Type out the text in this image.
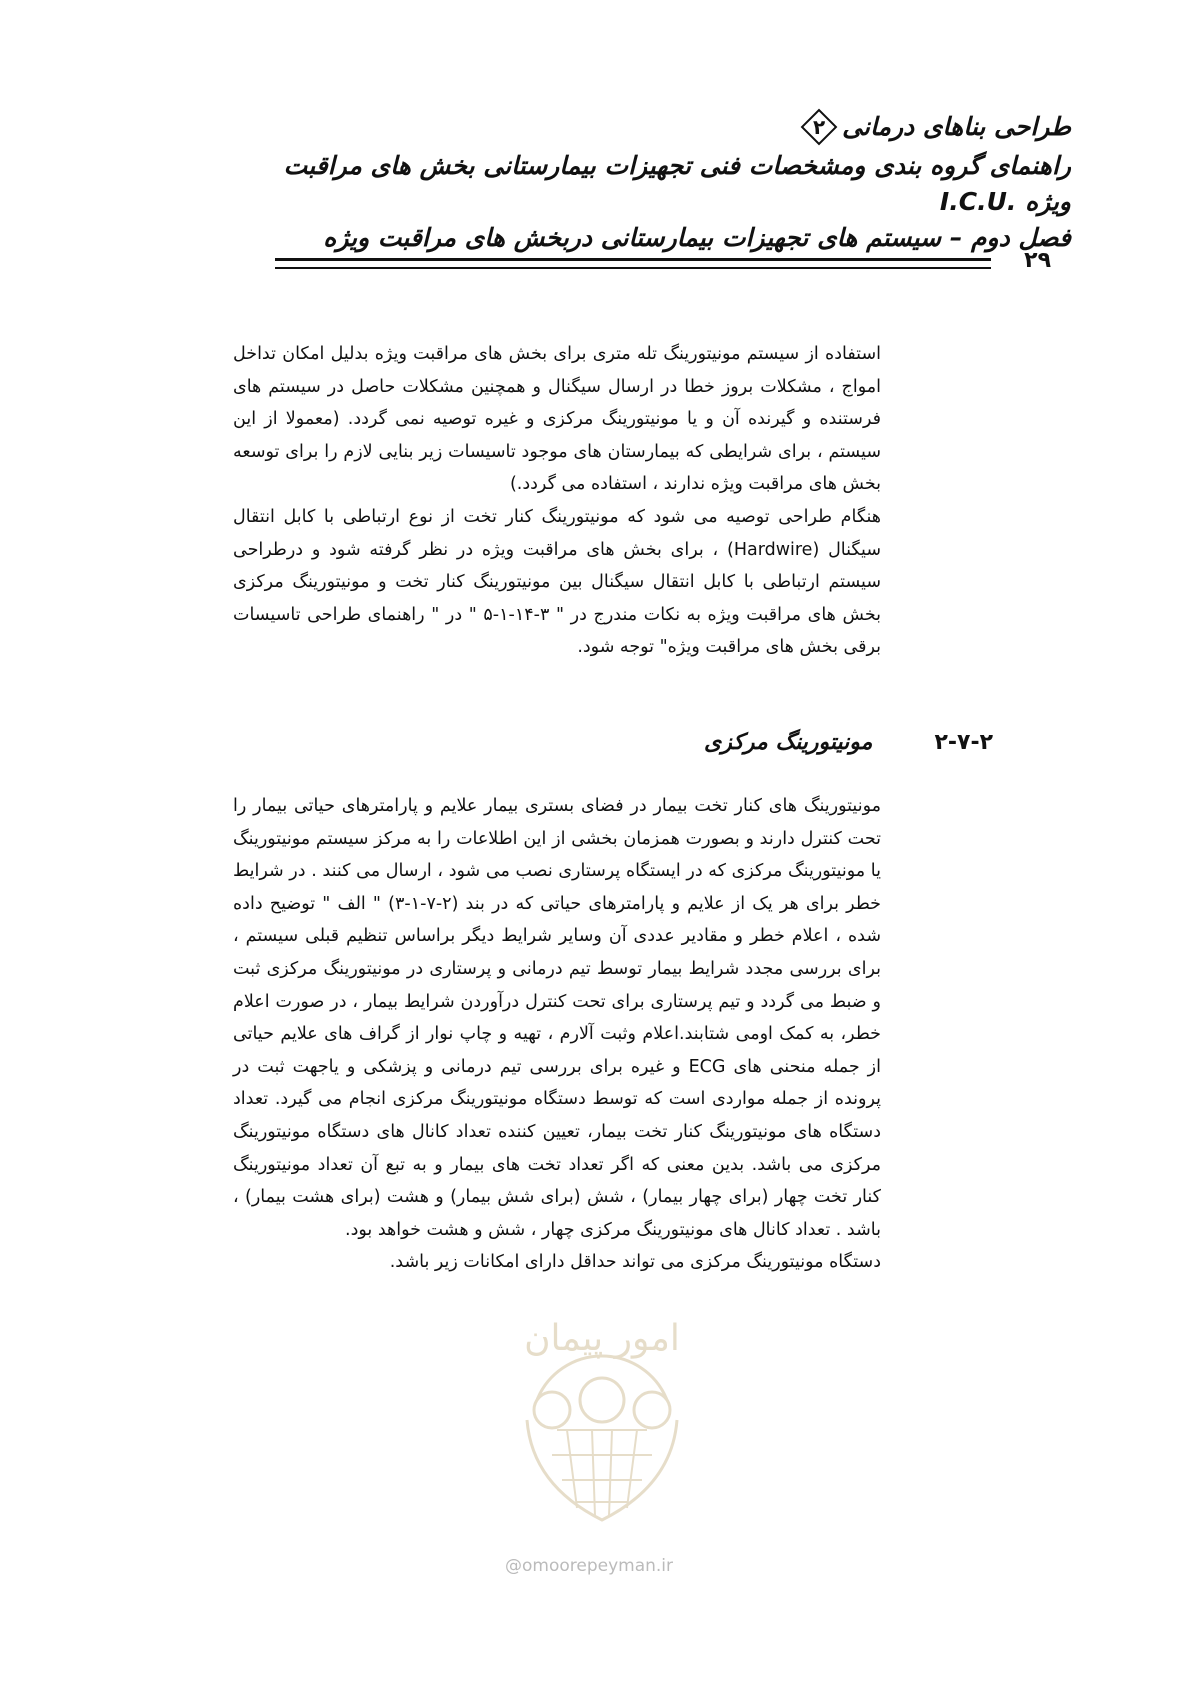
طراحی بناهای درمانی
۲
راهنمای گروه بندی ومشخصات فنی تجهیزات بیمارستانی بخش های مراقبت ویژه .I.C.U
فصل دوم – سیستم های تجهیزات بیمارستانی دربخش های مراقبت ویژه
۲۹

استفاده از سیستم مونیتورینگ تله متری برای بخش های مراقبت ویژه بدلیل امکان تداخل امواج ، مشکلات بروز خطا در ارسال سیگنال و همچنین مشکلات حاصل در سیستم های فرستنده و گیرنده آن و یا مونیتورینگ مرکزی و غیره توصیه نمی گردد. (معمولا از این سیستم ، برای شرایطی که بیمارستان های موجود تاسیسات زیر بنایی لازم را برای توسعه بخش های مراقبت ویژه ندارند ، استفاده می گردد.)

هنگام طراحی توصیه می شود که مونیتورینگ کنار تخت از نوع ارتباطی با کابل انتقال سیگنال (Hardwire) ، برای بخش های مراقبت ویژه در نظر گرفته شود و درطراحی سیستم ارتباطی با کابل انتقال سیگنال بین مونیتورینگ کنار تخت و مونیتورینگ مرکزی بخش های مراقبت ویژه به نکات مندرج در " ۳-۱۴-۱-۵ " در " راهنمای طراحی تاسیسات برقی بخش های مراقبت ویژه" توجه شود.

۲-۷-۲
مونیتورینگ مرکزی

مونیتورینگ های کنار تخت بیمار در فضای بستری بیمار علایم و پارامترهای حیاتی بیمار را تحت کنترل دارند و بصورت همزمان بخشی از این اطلاعات را به مرکز سیستم مونیتورینگ یا مونیتورینگ مرکزی که در ایستگاه پرستاری نصب می شود ، ارسال می کنند . در شرایط خطر برای هر یک از علایم و پارامترهای حیاتی که در بند (۲-۷-۱-۳) " الف " توضیح داده شده ، اعلام خطر و مقادیر عددی آن وسایر شرایط دیگر براساس تنظیم قبلی سیستم ، برای بررسی مجدد شرایط بیمار توسط تیم درمانی و پرستاری در مونیتورینگ مرکزی ثبت و ضبط می گردد و تیم پرستاری برای تحت کنترل درآوردن شرایط بیمار ، در صورت اعلام خطر، به کمک اومی شتابند.اعلام وثبت آلارم ، تهیه و چاپ نوار از گراف های علایم حیاتی از جمله منحنی های ECG و غیره برای بررسی تیم درمانی و پزشکی و یاجهت ثبت در پرونده از جمله مواردی است که توسط دستگاه مونیتورینگ مرکزی انجام می گیرد. تعداد دستگاه های مونیتورینگ کنار تخت بیمار، تعیین کننده تعداد کانال های دستگاه مونیتورینگ مرکزی می باشد. بدین معنی که اگر تعداد تخت های بیمار و به تبع آن تعداد مونیتورینگ کنار تخت چهار (برای چهار بیمار) ، شش (برای شش بیمار) و هشت (برای هشت بیمار) ، باشد . تعداد کانال های مونیتورینگ مرکزی چهار ، شش و هشت خواهد بود.

دستگاه مونیتورینگ مرکزی می تواند حداقل دارای امکانات زیر باشد.

امور پیمان
@omoorepeyman.ir
